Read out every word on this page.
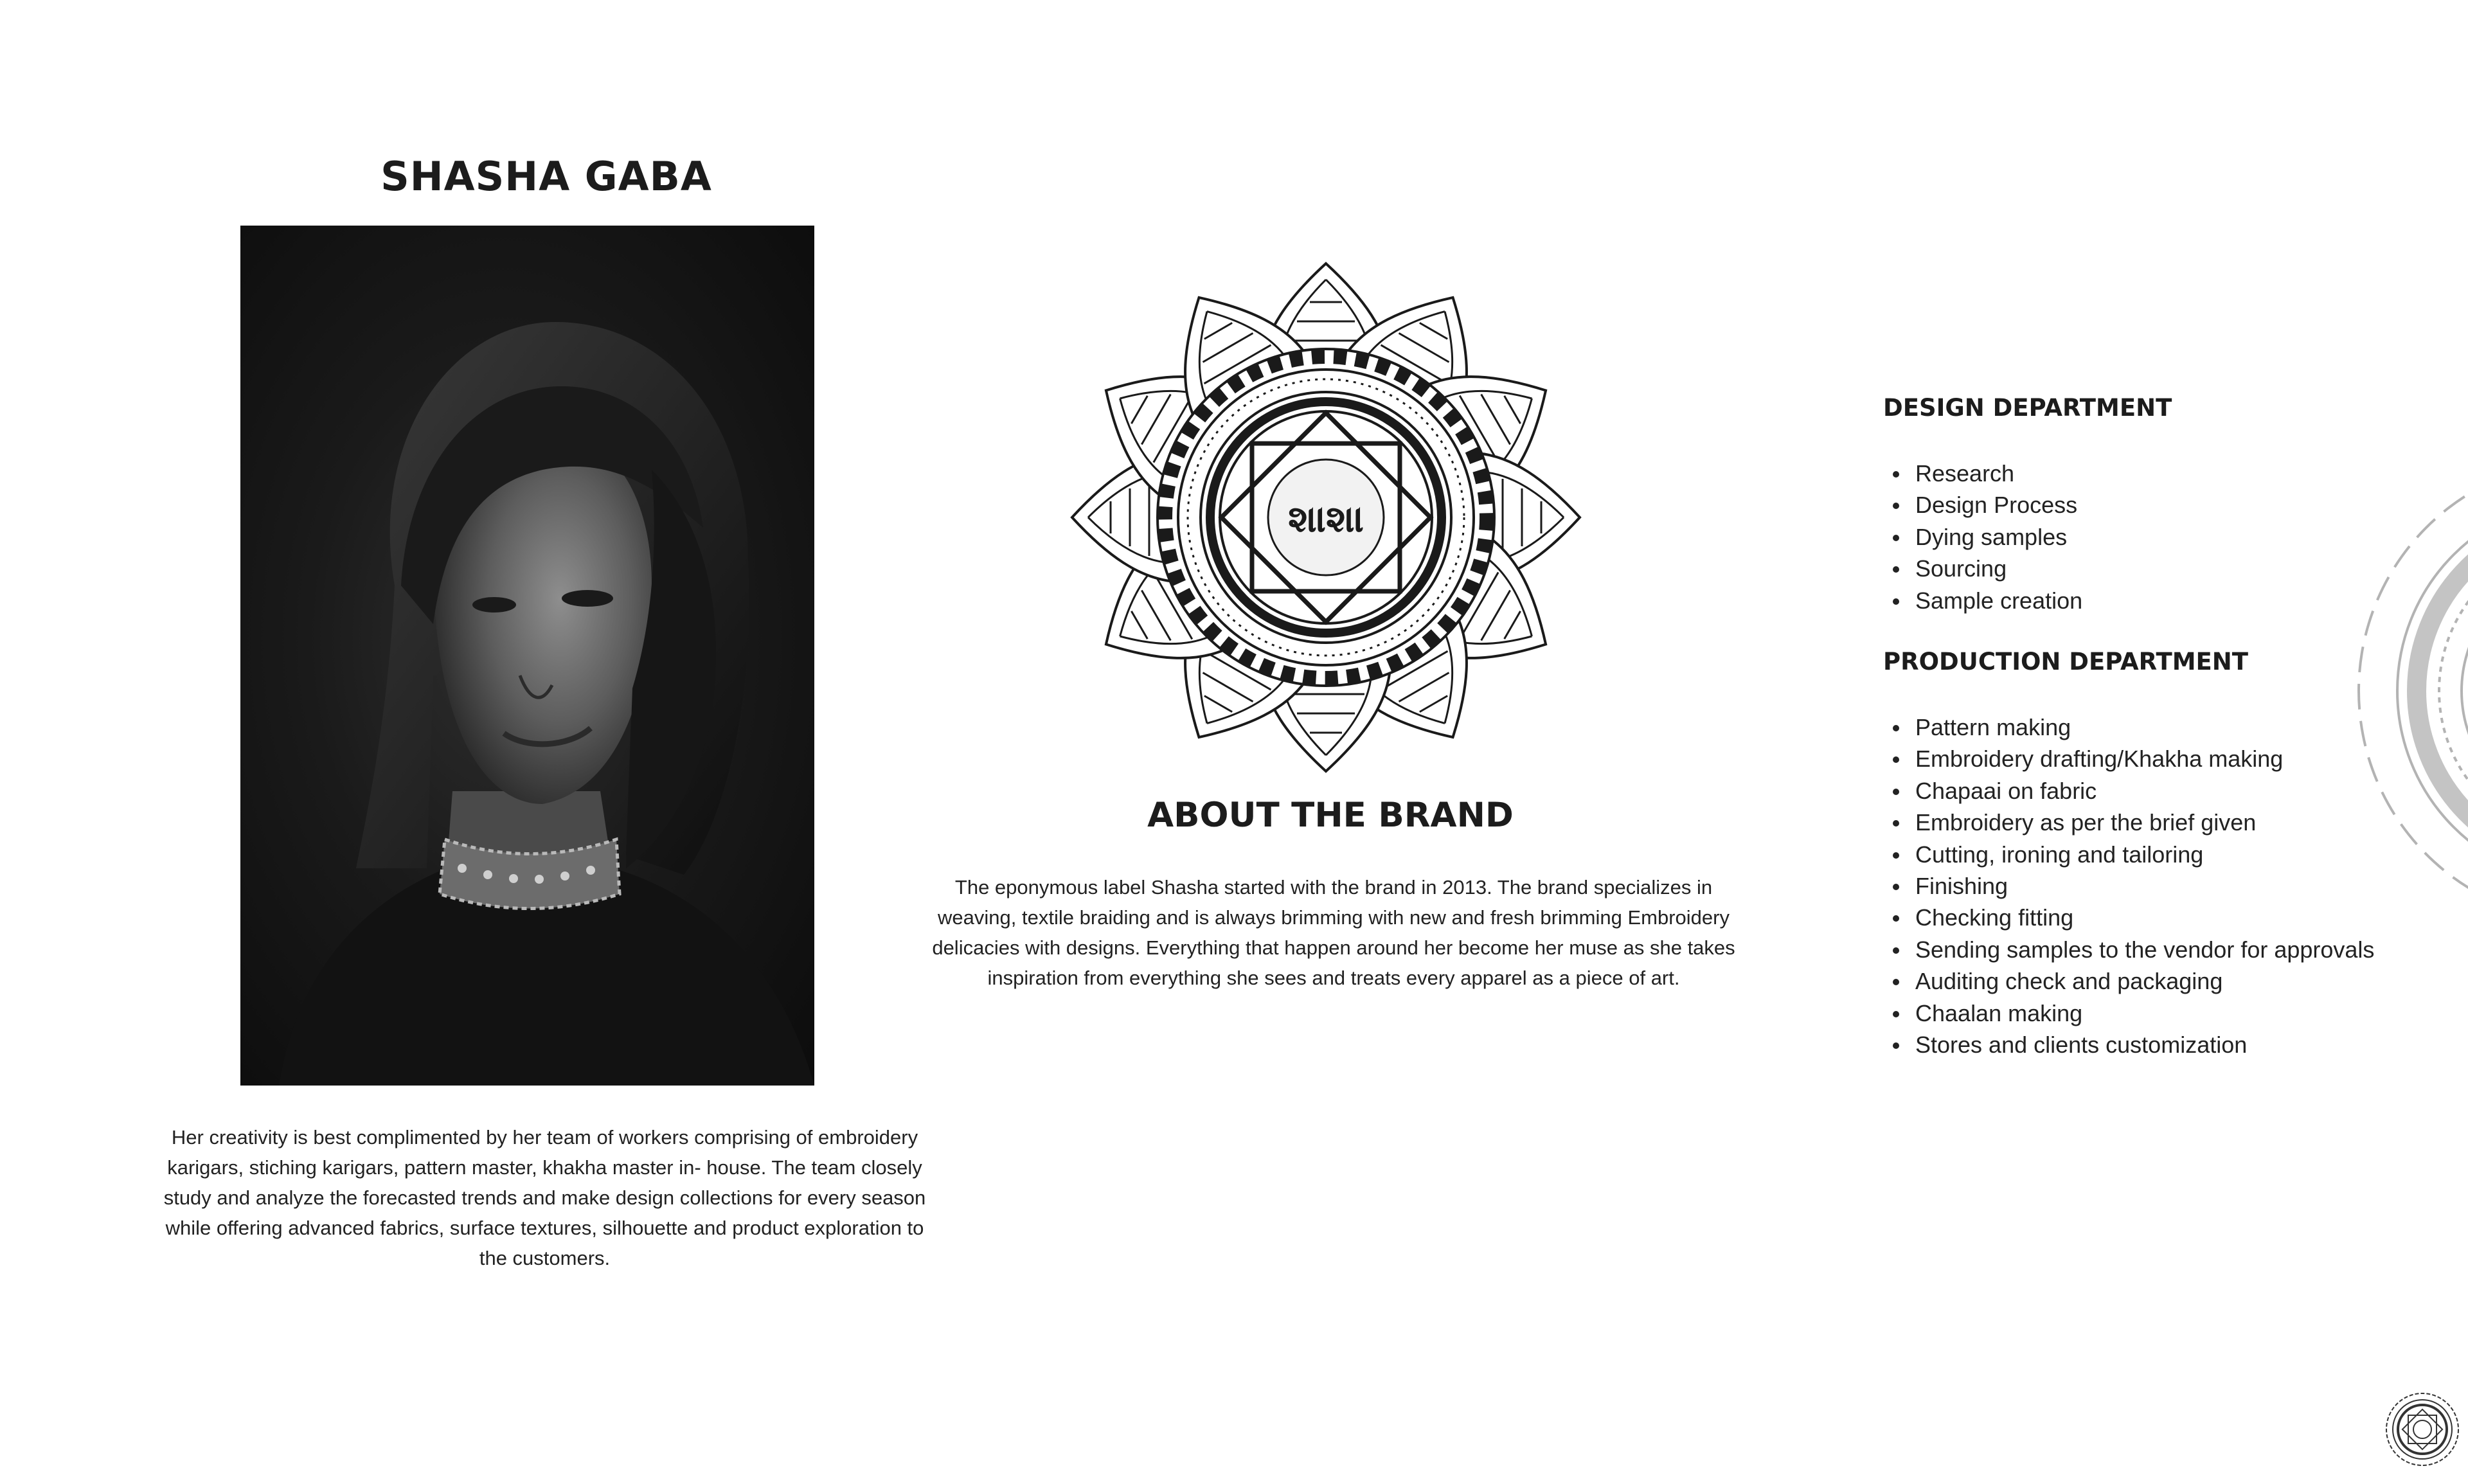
SHASHA GABA
Her creativity is best complimented by her team of workers comprising of embroidery karigars, stiching karigars, pattern master, khakha master in- house. The team closely study and analyze the forecasted trends and make design collections for every season while offering advanced fabrics, surface textures, silhouette and product exploration to the customers.
શાશા
ABOUT THE BRAND
The eponymous label Shasha started with the brand in 2013. The brand specializes in weaving, textile braiding and is always brimming with new and fresh brimming Embroidery delicacies with designs. Everything that happen around her become her muse as she takes inspiration from everything she sees and treats every apparel as a piece of art.
DESIGN DEPARTMENT
Research
Design Process
Dying samples
Sourcing
Sample creation
PRODUCTION DEPARTMENT
Pattern making
Embroidery drafting/Khakha making
Chapaai on fabric
Embroidery as per the brief given
Cutting, ironing and tailoring
Finishing
Checking fitting
Sending samples to the vendor for approvals
Auditing check and packaging
Chaalan making
Stores and clients customization
